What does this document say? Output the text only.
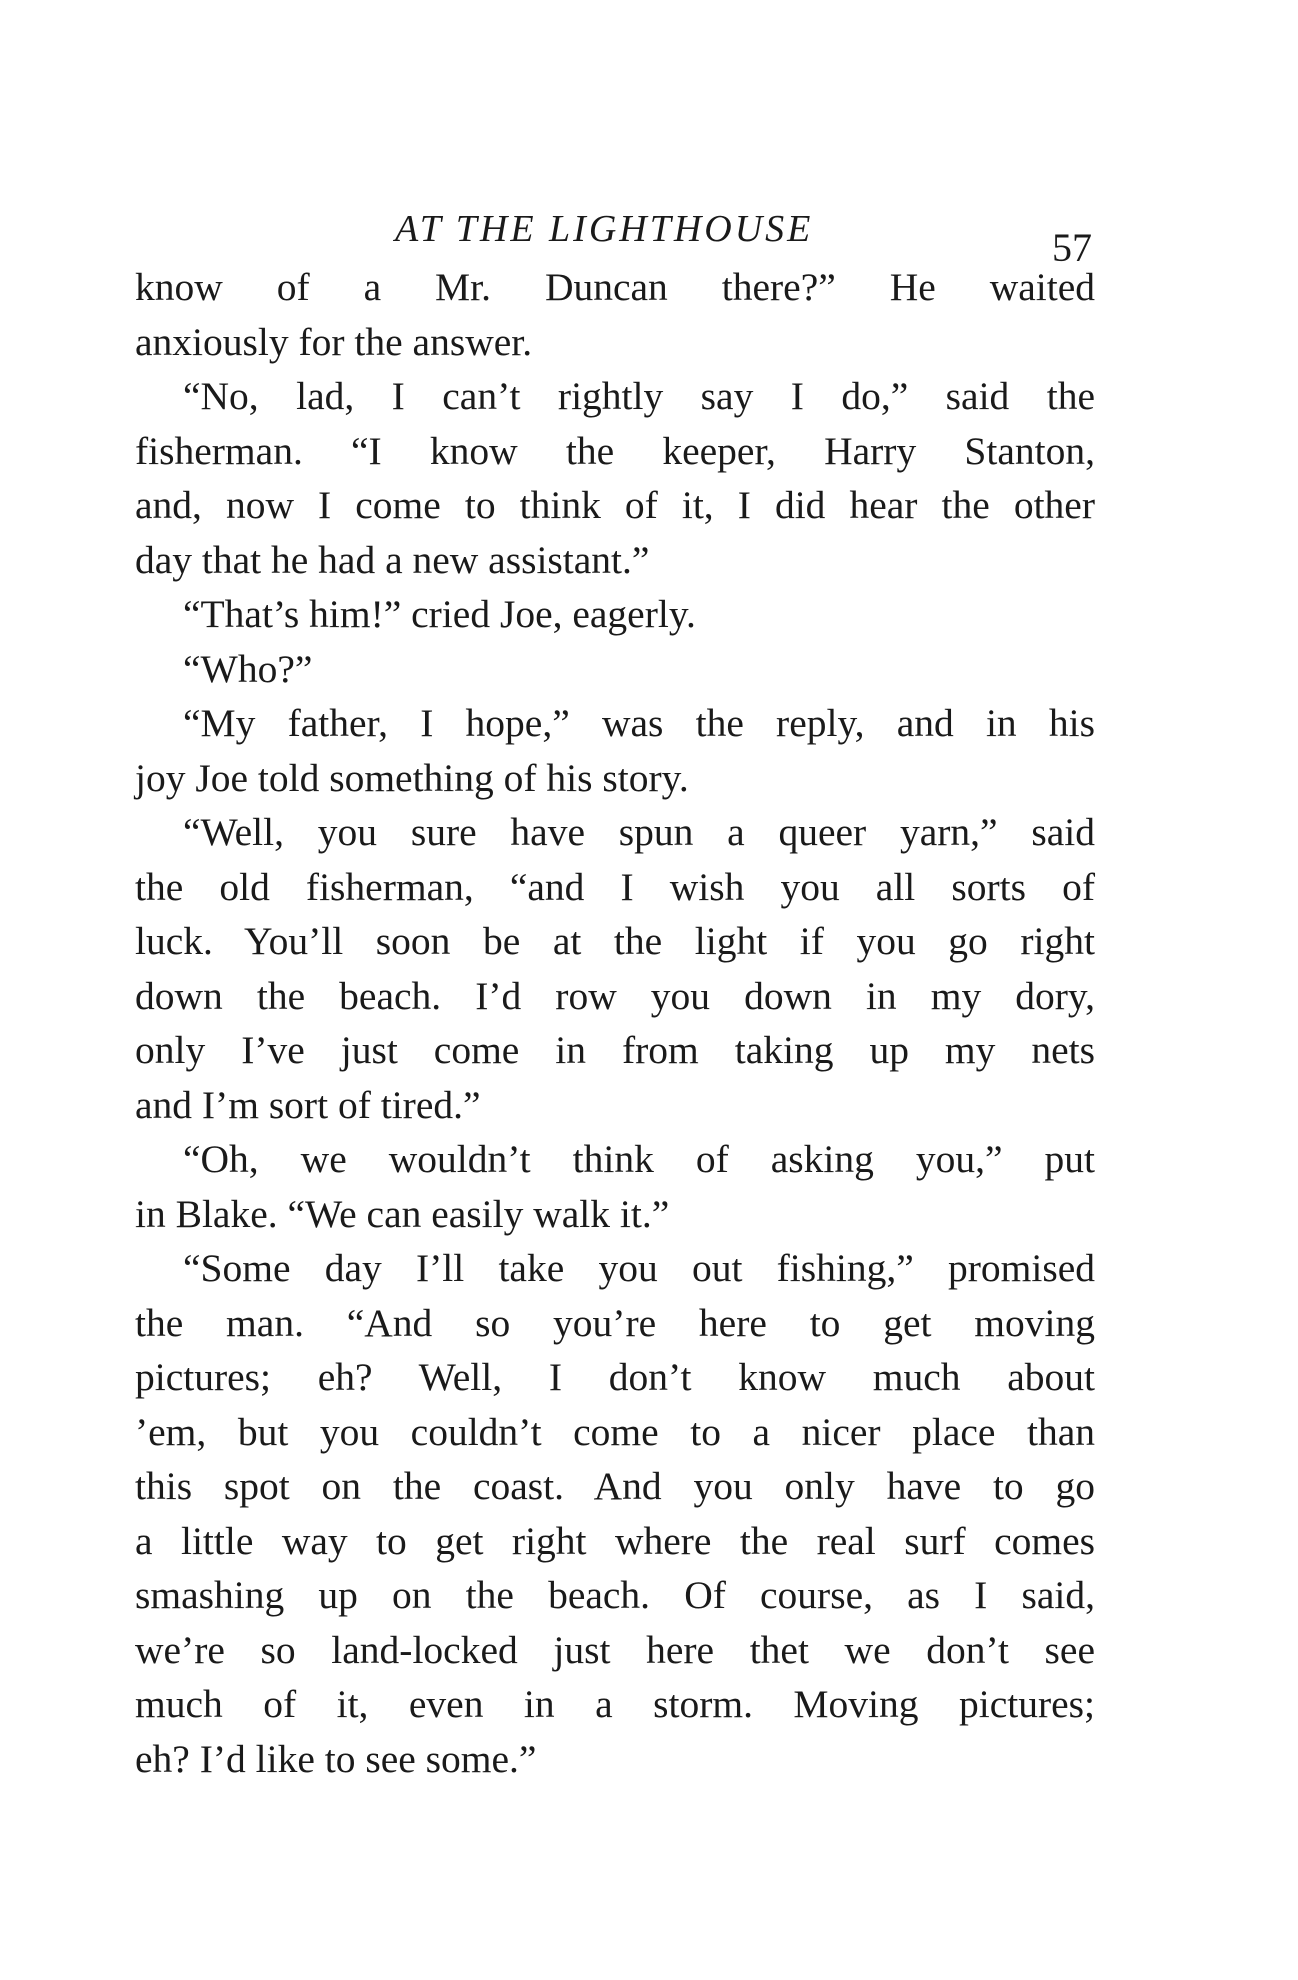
AT THE LIGHTHOUSE	57
know of a Mr. Duncan there?” He waited
anxiously for the answer.
“No, lad, I can’t rightly say I do,” said the
fisherman. “I know the keeper, Harry Stanton,
and, now I come to think of it, I did hear the other
day that he had a new assistant.”
“That’s him!” cried Joe, eagerly.
“Who?”
“My father, I hope,” was the reply, and in his
joy Joe told something of his story.
“Well, you sure have spun a queer yarn,” said
the old fisherman, “and I wish you all sorts of
luck. You’ll soon be at the light if you go right
down the beach. I’d row you down in my dory,
only I’ve just come in from taking up my nets
and I’m sort of tired.”
“Oh, we wouldn’t think of asking you,” put
in Blake. “We can easily walk it.”
“Some day I’ll take you out fishing,” promised
the man. “And so you’re here to get moving
pictures; eh? Well, I don’t know much about
’em, but you couldn’t come to a nicer place than
this spot on the coast. And you only have to go
a little way to get right where the real surf comes
smashing up on the beach. Of course, as I said,
we’re so land-locked just here thet we don’t see
much of it, even in a storm. Moving pictures;
eh? I’d like to see some.”
